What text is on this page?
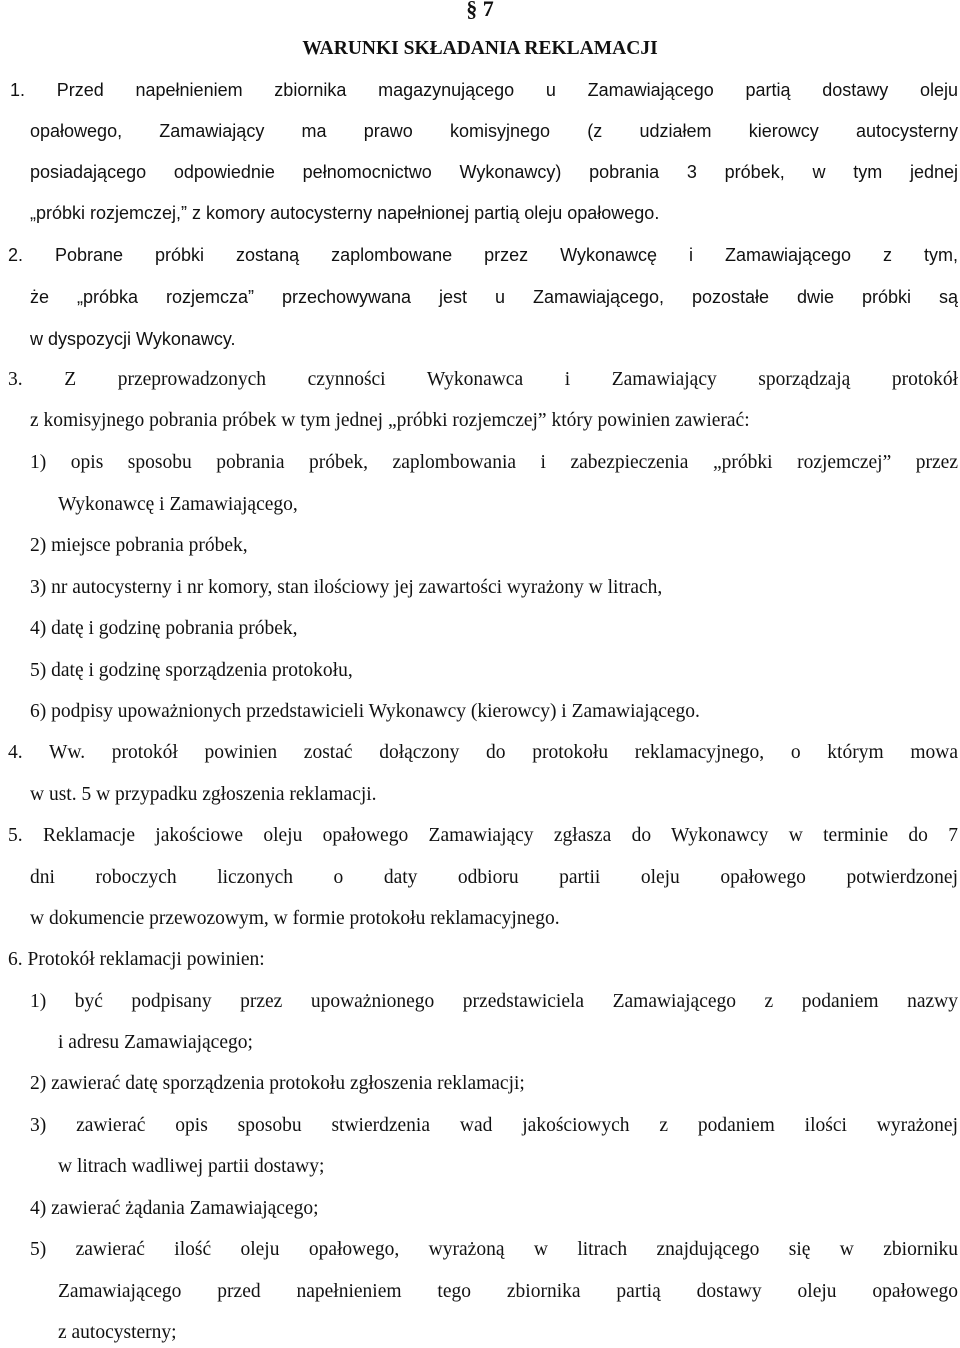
§ 7
WARUNKI SKŁADANIA REKLAMACJI
1. Przed napełnieniem zbiornika magazynującego u Zamawiającego partią dostawy oleju
opałowego, Zamawiający ma prawo komisyjnego (z udziałem kierowcy autocysterny
posiadającego odpowiednie pełnomocnictwo Wykonawcy) pobrania 3 próbek, w tym jednej
„próbki rozjemczej,” z komory autocysterny napełnionej partią oleju opałowego.
2. Pobrane próbki zostaną zaplombowane przez Wykonawcę i Zamawiającego z tym,
że „próbka rozjemcza” przechowywana jest u Zamawiającego, pozostałe dwie próbki są
w dyspozycji Wykonawcy.
3. Z przeprowadzonych czynności Wykonawca i Zamawiający sporządzają protokół
z komisyjnego pobrania próbek w tym jednej „próbki rozjemczej” który powinien zawierać:
1) opis sposobu pobrania próbek, zaplombowania i zabezpieczenia „próbki rozjemczej” przez
Wykonawcę i Zamawiającego,
2) miejsce pobrania próbek,
3) nr autocysterny i nr komory, stan ilościowy jej zawartości wyrażony w litrach,
4) datę i godzinę pobrania próbek,
5) datę i godzinę sporządzenia protokołu,
6) podpisy upoważnionych przedstawicieli Wykonawcy (kierowcy) i Zamawiającego.
4. Ww. protokół powinien zostać dołączony do protokołu reklamacyjnego, o którym mowa
w ust. 5 w przypadku zgłoszenia reklamacji.
5. Reklamacje jakościowe oleju opałowego Zamawiający zgłasza do Wykonawcy w terminie do 7
dni roboczych liczonych o daty odbioru partii oleju opałowego potwierdzonej
w dokumencie przewozowym, w formie protokołu reklamacyjnego.
6. Protokół reklamacji powinien:
1) być podpisany przez upoważnionego przedstawiciela Zamawiającego z podaniem nazwy
i adresu Zamawiającego;
2) zawierać datę sporządzenia protokołu zgłoszenia reklamacji;
3) zawierać opis sposobu stwierdzenia wad jakościowych z podaniem ilości wyrażonej
w litrach wadliwej partii dostawy;
4) zawierać żądania Zamawiającego;
5) zawierać ilość oleju opałowego, wyrażoną w litrach znajdującego się w zbiorniku
Zamawiającego przed napełnieniem tego zbiornika partią dostawy oleju opałowego
z autocysterny;
